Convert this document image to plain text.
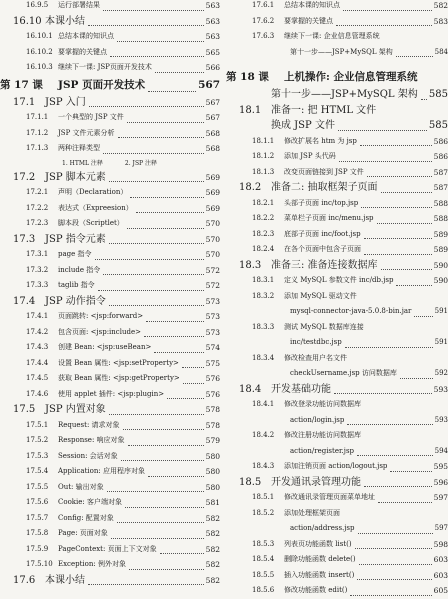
16.9.5	运行部署结果	563
16.10 本课小结	563
16.10.1 总结本课的知识点	563
16.10.2 要掌握的关键点	565
16.10.3 继续下一课: JSP页面开发技术	566
第 17 课	JSP 页面开发技术	567
17.1 JSP 入门	567
17.1.1	一个典型的 JSP 文件	567
17.1.2	JSP 文件元素分析	568
17.1.3	两种注释类型	568
1. HTML 注释	2. JSP 注释
17.2 JSP 脚本元素	569
17.2.1	声明（Declaration）	569
17.2.2	表达式（Expreesion）	569
17.2.3	脚本段（Scriptlet）	570
17.3 JSP 指令元素	570
17.3.1	page 指令	570
17.3.2	include 指令	572
17.3.3	taglib 指令	572
17.4 JSP 动作指令	573
17.4.1	页面跳转: <jsp:forward>	573
17.4.2	包含页面: <jsp:include>	573
17.4.3	创建 Bean: <jsp:useBean>	574
17.4.4	设置 Bean 属性: <jsp:setProperty>	575
17.4.5	获取 Bean 属性: <jsp:getProperty>	576
17.4.6	使用 applet 插件: <jsp:plugin>	576
17.5 JSP 内置对象	578
17.5.1	Request: 请求对象	578
17.5.2	Response: 响应对象	579
17.5.3	Session: 会话对象	580
17.5.4	Application: 应用程序对象	580
17.5.5	Out: 输出对象	580
17.5.6	Cookie: 客户端对象	581
17.5.7	Config: 配置对象	582
17.5.8	Page: 页面对象	582
17.5.9	PageContext: 页面上下文对象	582
17.5.10 Exception: 例外对象	582
17.6 本课小结	582
17.6.1	总结本课的知识点	582
17.6.2	要掌握的关键点	583
17.6.3	继续下一课: 企业信息管理系统
第十一步——JSP+MySQL 架构	584
第 18 课	上机操作: 企业信息管理系统
第十一步——JSP+MySQL 架构 585
18.1 准备一: 把 HTML 文件
换成 JSP 文件	585
18.1.1	修改扩展名 htm 为 jsp	586
18.1.2	添加 JSP 头代码	586
18.1.3	改变页面链接到 JSP 文件	587
18.2 准备二: 抽取框架子页面	587
18.2.1	头部子页面 inc/top.jsp	588
18.2.2	菜单栏子页面 inc/menu.jsp	588
18.2.3	底部子页面 inc/foot.jsp	589
18.2.4	在各个页面中包含子页面	589
18.3 准备三: 准备连接数据库	590
18.3.1	定义 MySQL 参数文件 inc/db.jsp	590
18.3.2	添加 MySQL 驱动文件
mysql-connector-java-5.0.8-bin.jar	591
18.3.3	测试 MySQL 数据库连接
inc/testdbc.jsp	591
18.3.4	修改检查用户名文件
checkUsername.jsp 访问数据库	592
18.4 开发基础功能	593
18.4.1	修改登录功能访问数据库
action/login.jsp	593
18.4.2	修改注册功能访问数据库
action/register.jsp	594
18.4.3	添加注销页面 action/logout.jsp	595
18.5 开发通讯录管理功能	596
18.5.1	修改通讯录管理页面菜单地址	597
18.5.2	添加处理框架页面
action/address.jsp	597
18.5.3	列表页功能函数 list()	598
18.5.4	删除功能函数 delete()	603
18.5.5	插入功能函数 insert()	603
18.5.6	修改功能函数 edit()	605
